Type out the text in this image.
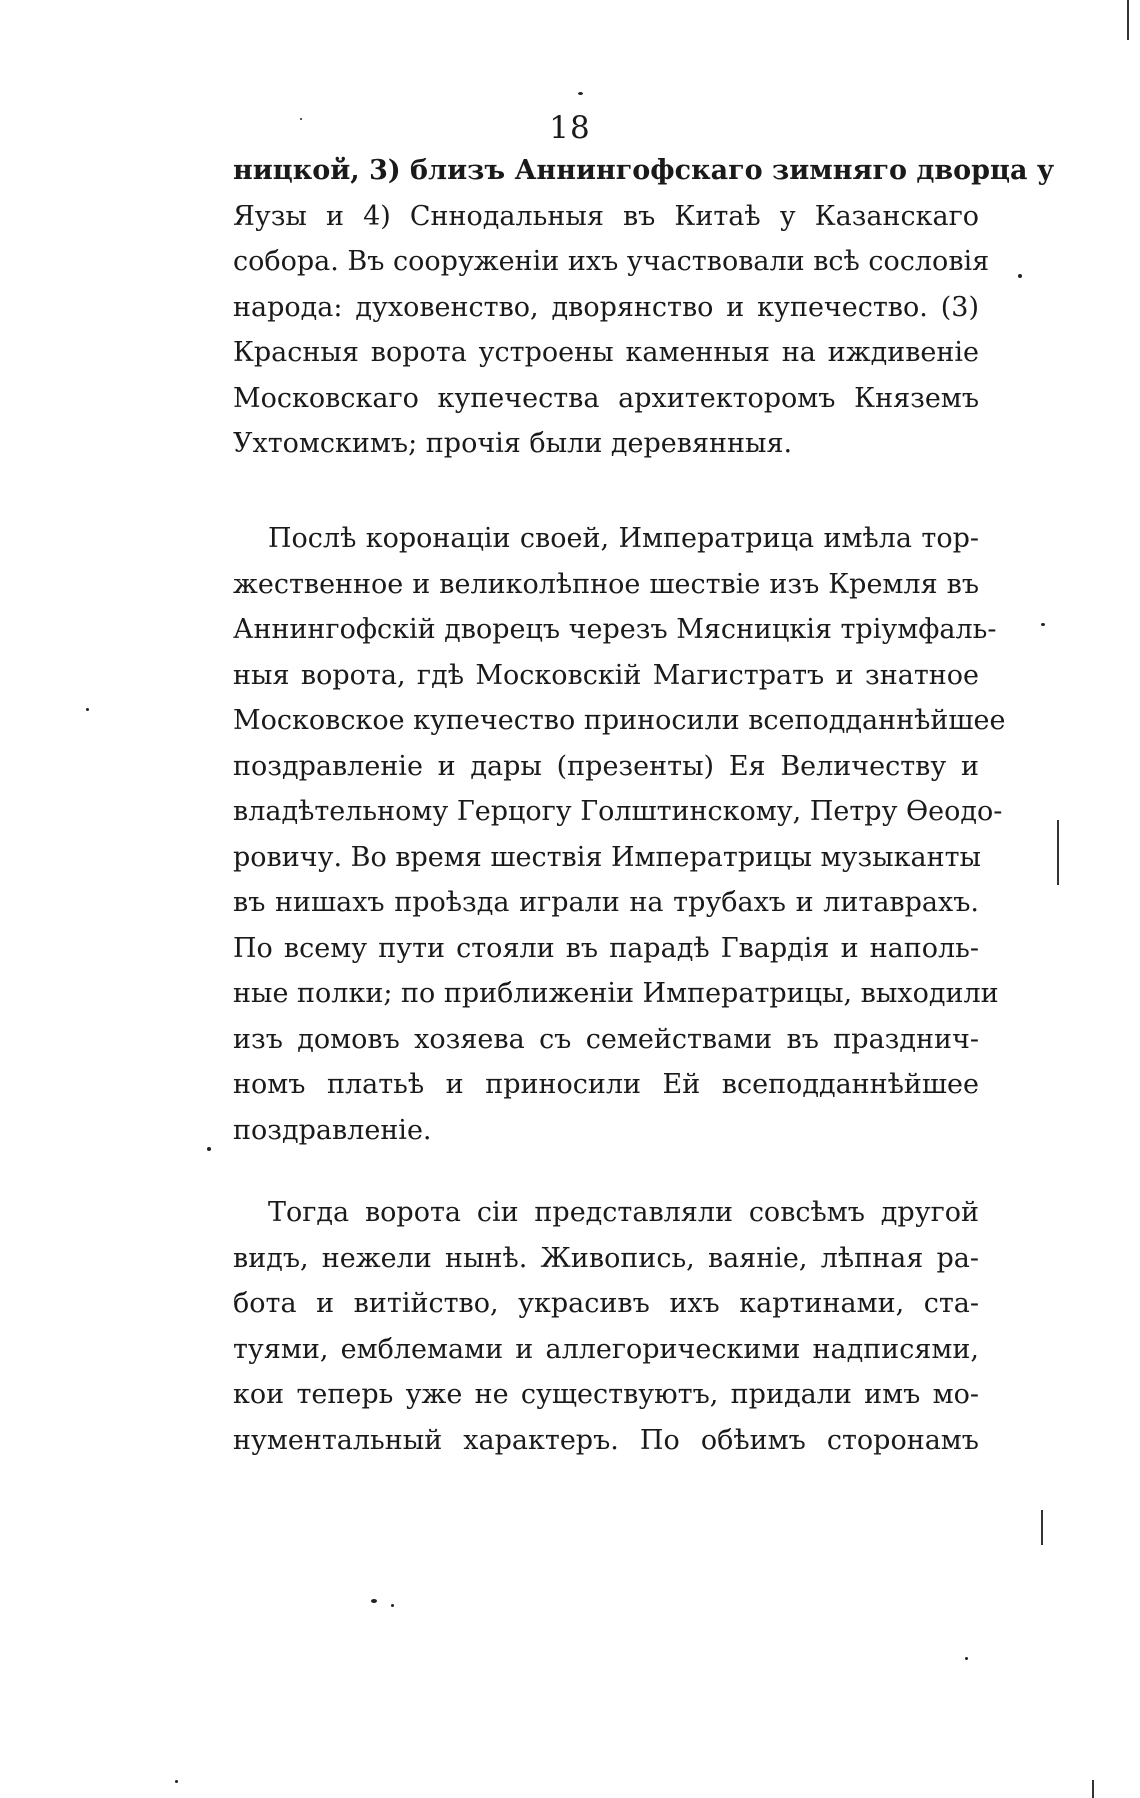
18
ницкой, 3) близъ Аннингофскаго зимняго дворца у
Яузы и 4) Сннодальныя въ Китаѣ у Казанскаго
собора. Въ сооруженіи ихъ участвовали всѣ сословія
народа: духовенство, дворянство и купечество. (3)
Красныя ворота устроены каменныя на иждивеніе
Московскаго купечества архитекторомъ Княземъ
Ухтомскимъ; прочія были деревянныя.
Послѣ коронаціи своей, Императрица имѣла тор-
жественное и великолѣпное шествіе изъ Кремля въ
Аннингофскій дворецъ черезъ Мясницкія тріумфаль-
ныя ворота, гдѣ Московскій Магистратъ и знатное
Московское купечество приносили всеподданнѣйшее
поздравленіе и дары (презенты) Ея Величеству и
владѣтельному Герцогу Голштинскому, Петру Ѳеодо-
ровичу. Во время шествія Императрицы музыканты
въ нишахъ проѣзда играли на трубахъ и литаврахъ.
По всему пути стояли въ парадѣ Гвардія и наполь-
ные полки; по приближеніи Императрицы, выходили
изъ домовъ хозяева съ семействами въ празднич-
номъ платьѣ и приносили Ей всеподданнѣйшее
поздравленіе.
Тогда ворота сіи представляли совсѣмъ другой
видъ, нежели нынѣ. Живопись, ваяніе, лѣпная ра-
бота и витійство, украсивъ ихъ картинами, ста-
туями, емблемами и аллегорическими надписями,
кои теперь уже не существуютъ, придали имъ мо-
нументальный характеръ. По обѣимъ сторонамъ
